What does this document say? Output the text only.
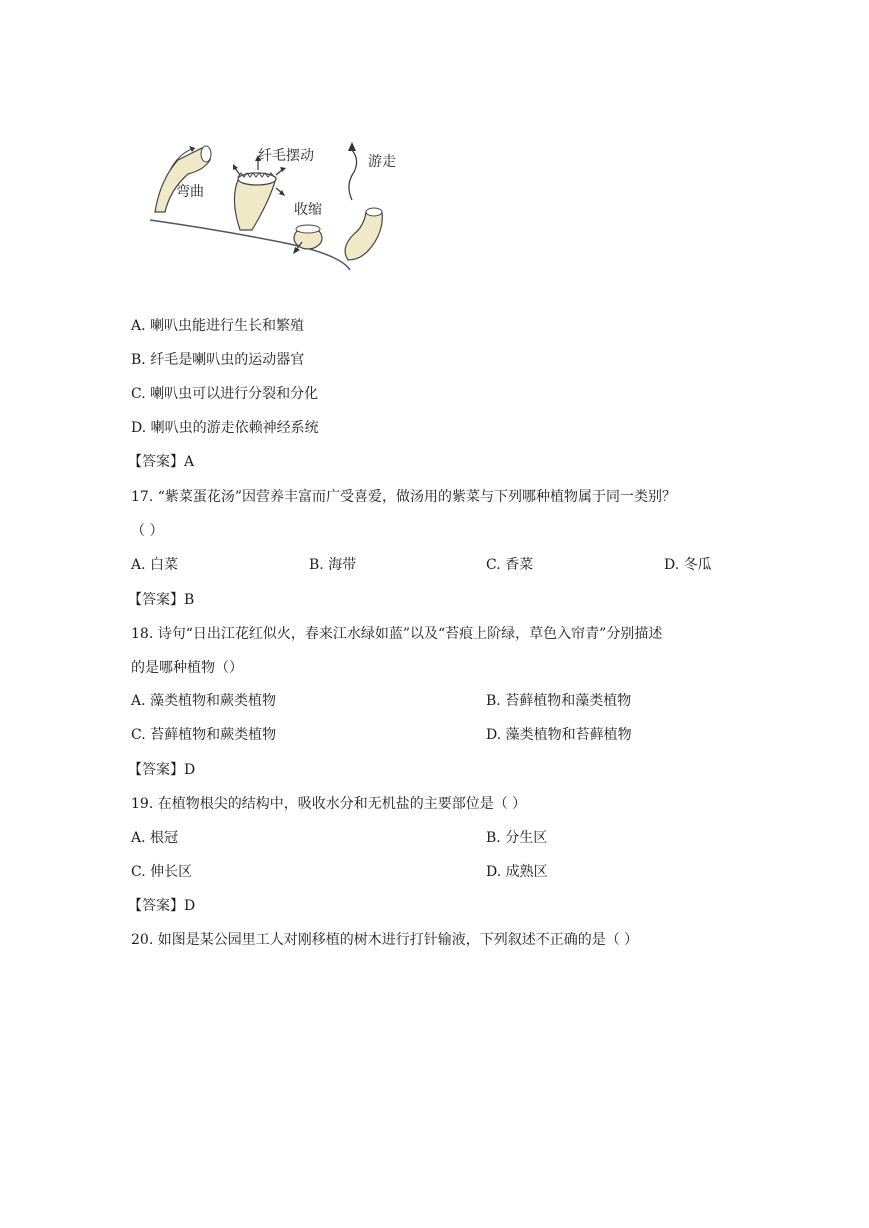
弯曲
纤毛摆动
收缩
游走
A. 喇叭虫能进行生长和繁殖
B. 纤毛是喇叭虫的运动器官
C. 喇叭虫可以进行分裂和分化
D. 喇叭虫的游走依赖神经系统
【答案】A
17. “紫菜蛋花汤”因营养丰富而广受喜爱，做汤用的紫菜与下列哪种植物属于同一类别？
（ ）
A. 白菜	B. 海带	C. 香菜	D. 冬瓜
【答案】B
18. 诗句“日出江花红似火，春来江水绿如蓝”以及“苔痕上阶绿，草色入帘青”分别描述
的是哪种植物（）
A. 藻类植物和蕨类植物	B. 苔藓植物和藻类植物
C. 苔藓植物和蕨类植物	D. 藻类植物和苔藓植物
【答案】D
19. 在植物根尖的结构中，吸收水分和无机盐的主要部位是（ ）
A. 根冠	B. 分生区
C. 伸长区	D. 成熟区
【答案】D
20. 如图是某公园里工人对刚移植的树木进行打针输液，下列叙述不正确的是（ ）
